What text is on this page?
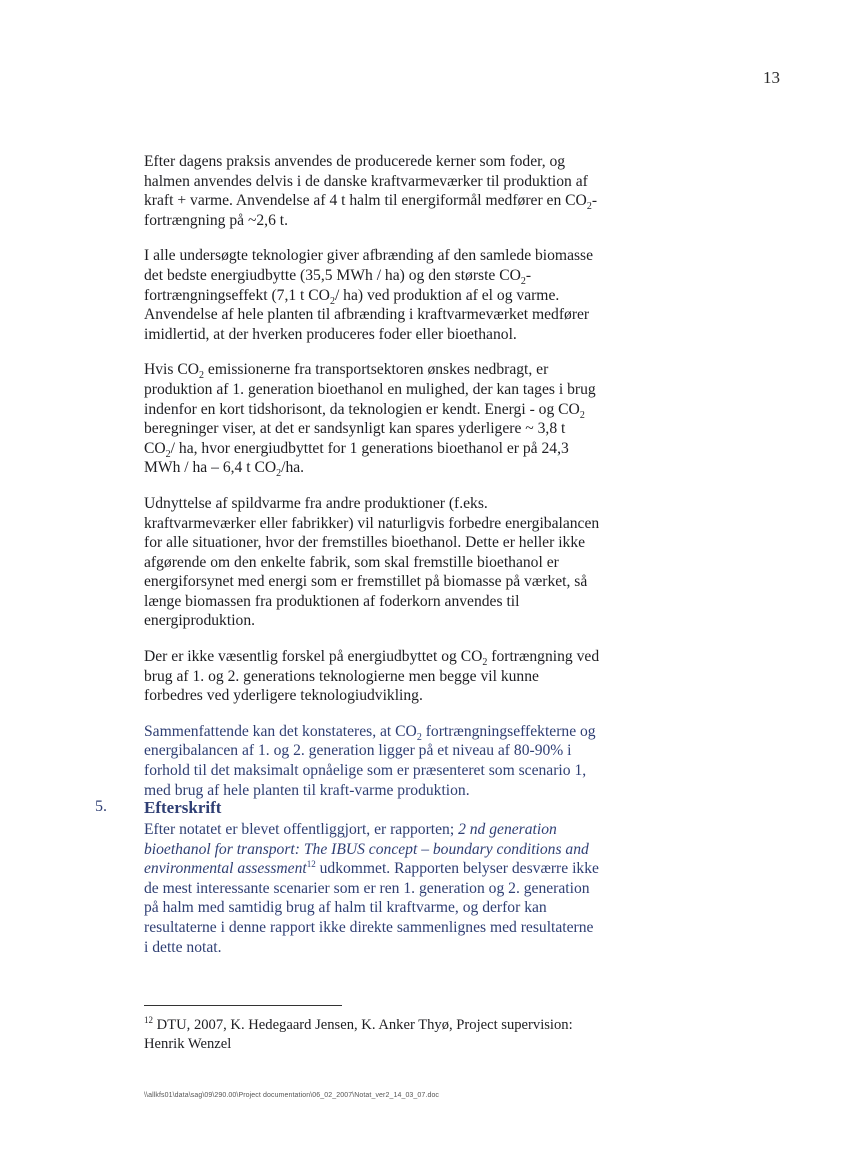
13

Efter dagens praksis anvendes de producerede kerner som foder, og halmen anvendes delvis i de danske kraftvarmeværker til produktion af kraft + varme. Anvendelse af 4 t halm til energiformål medfører en $CO_2$-fortrængning på ~2,6 t.

I alle undersøgte teknologier giver afbrænding af den samlede biomasse det bedste energiudbytte (35,5 MWh / ha) og den største $CO_2$-fortrængningseffekt (7,1 t $CO_2/$ ha) ved produktion af el og varme. Anvendelse af hele planten til afbrænding i kraftvarmeværket medfører imidlertid, at der hverken produceres foder eller bioethanol.

Hvis $CO_2$ emissionerne fra transportsektoren ønskes nedbragt, er produktion af 1. generation bioethanol en mulighed, der kan tages i brug indenfor en kort tidshorisont, da teknologien er kendt. Energi - og $CO_2$ beregninger viser, at det er sandsynligt kan spares yderligere ~ 3,8 t $CO_2/$ ha, hvor energiudbyttet for 1 generations bioethanol er på 24,3 MWh / ha – 6,4 t $CO_2/ha$.

Udnyttelse af spildvarme fra andre produktioner (f.eks. kraftvarmeværker eller fabrikker) vil naturligvis forbedre energibalancen for alle situationer, hvor der fremstilles bioethanol. Dette er heller ikke afgørende om den enkelte fabrik, som skal fremstille bioethanol er energiforsynet med energi som er fremstillet på biomasse på værket, så længe biomassen fra produktionen af foderkorn anvendes til energiproduktion.

Der er ikke væsentlig forskel på energiudbyttet og $CO_2$ fortrængning ved brug af 1. og 2. generations teknologierne men begge vil kunne forbedres ved yderligere teknologiudvikling.

Sammenfattende kan det konstateres, at $CO_2$ fortrængningseffekterne og energibalancen af 1. og 2. generation ligger på et niveau af 80-90% i forhold til det maksimalt opnåelige som er præsenteret som scenario 1, med brug af hele planten til kraft-varme produktion.

5. Efterskrift

Efter notatet er blevet offentliggjort, er rapporten; 2 nd generation bioethanol for transport: The IBUS concept – boundary conditions and environmental assessment$^{12}$ udkommet. Rapporten belyser desværre ikke de mest interessante scenarier som er ren 1. generation og 2. generation på halm med samtidig brug af halm til kraftvarme, og derfor kan resultaterne i denne rapport ikke direkte sammenlignes med resultaterne i dette notat.

$^{12}$ DTU, 2007, K. Hedegaard Jensen, K. Anker Thyø, Project supervision: Henrik Wenzel
\\allkfs01\data\sag\09\290.00\Project documentation\06_02_2007\Notat_ver2_14_03_07.doc
